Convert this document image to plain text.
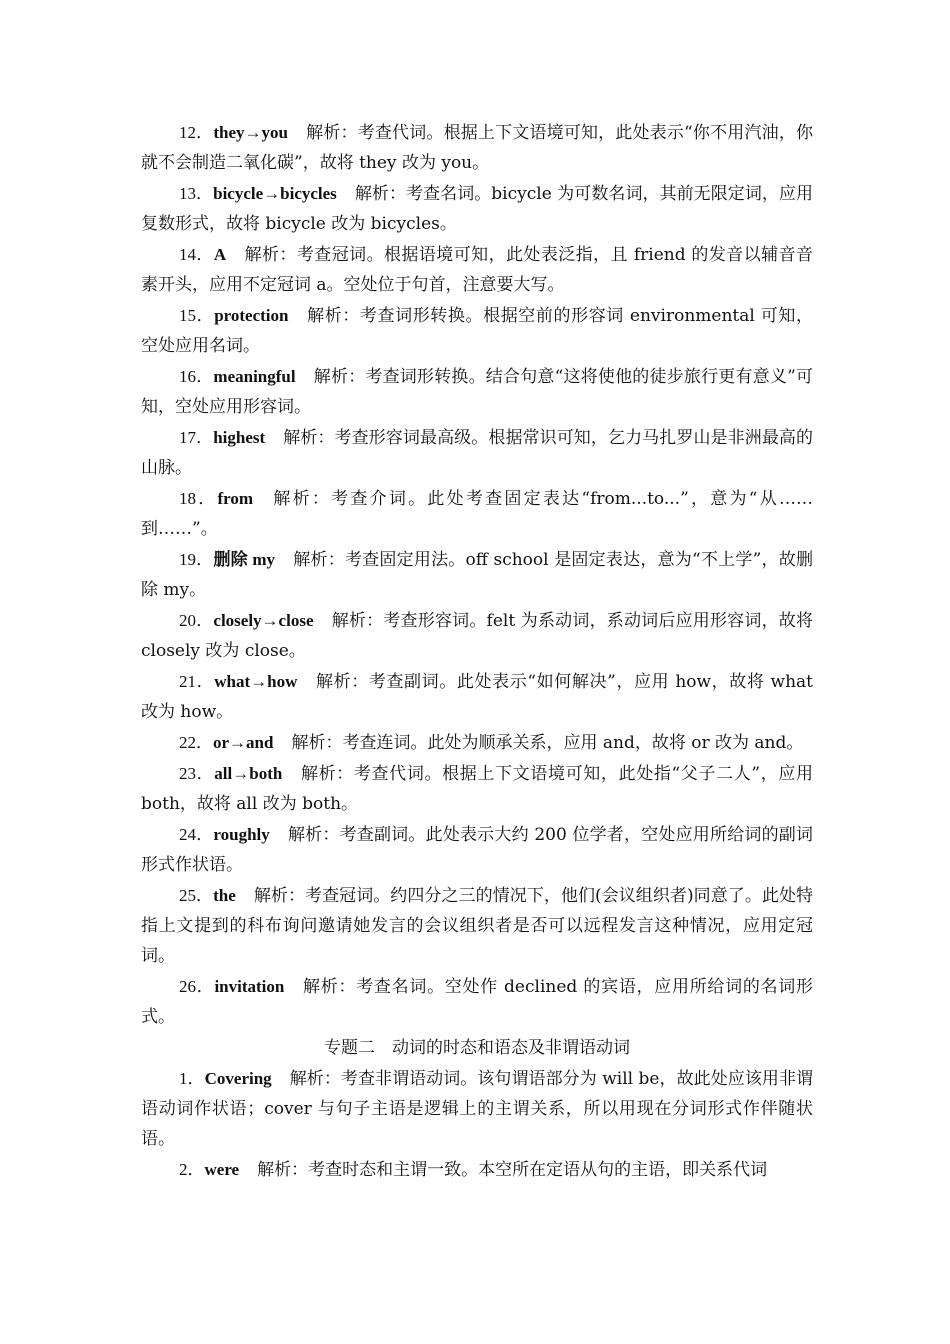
12．they→you 解析：考查代词。根据上下文语境可知，此处表示“你不用汽油，你就不会制造二氧化碳”，故将 they 改为 you。

13．bicycle→bicycles 解析：考查名词。bicycle 为可数名词，其前无限定词，应用复数形式，故将 bicycle 改为 bicycles。

14．A 解析：考查冠词。根据语境可知，此处表泛指，且 friend 的发音以辅音音素开头，应用不定冠词 a。空处位于句首，注意要大写。

15．protection 解析：考查词形转换。根据空前的形容词 environmental 可知，空处应用名词。

16．meaningful 解析：考查词形转换。结合句意“这将使他的徒步旅行更有意义”可知，空处应用形容词。

17．highest 解析：考查形容词最高级。根据常识可知，乞力马扎罗山是非洲最高的山脉。

18．from 解析：考查介词。此处考查固定表达“from...to...”，意为“从……到……”。

19．删除 my 解析：考查固定用法。off school 是固定表达，意为“不上学”，故删除 my。

20．closely→close 解析：考查形容词。felt 为系动词，系动词后应用形容词，故将 closely 改为 close。

21．what→how 解析：考查副词。此处表示“如何解决”，应用 how，故将 what 改为 how。

22．or→and 解析：考查连词。此处为顺承关系，应用 and，故将 or 改为 and。

23．all→both 解析：考查代词。根据上下文语境可知，此处指“父子二人”，应用 both，故将 all 改为 both。

24．roughly 解析：考查副词。此处表示大约 200 位学者，空处应用所给词的副词形式作状语。

25．the 解析：考查冠词。约四分之三的情况下，他们(会议组织者)同意了。此处特指上文提到的科布询问邀请她发言的会议组织者是否可以远程发言这种情况，应用定冠词。

26．invitation 解析：考查名词。空处作 declined 的宾语，应用所给词的名词形式。

专题二　动词的时态和语态及非谓语动词

1．Covering 解析：考查非谓语动词。该句谓语部分为 will be，故此处应该用非谓语动词作状语；cover 与句子主语是逻辑上的主谓关系，所以用现在分词形式作伴随状语。

2．were 解析：考查时态和主谓一致。本空所在定语从句的主语，即关系代词
